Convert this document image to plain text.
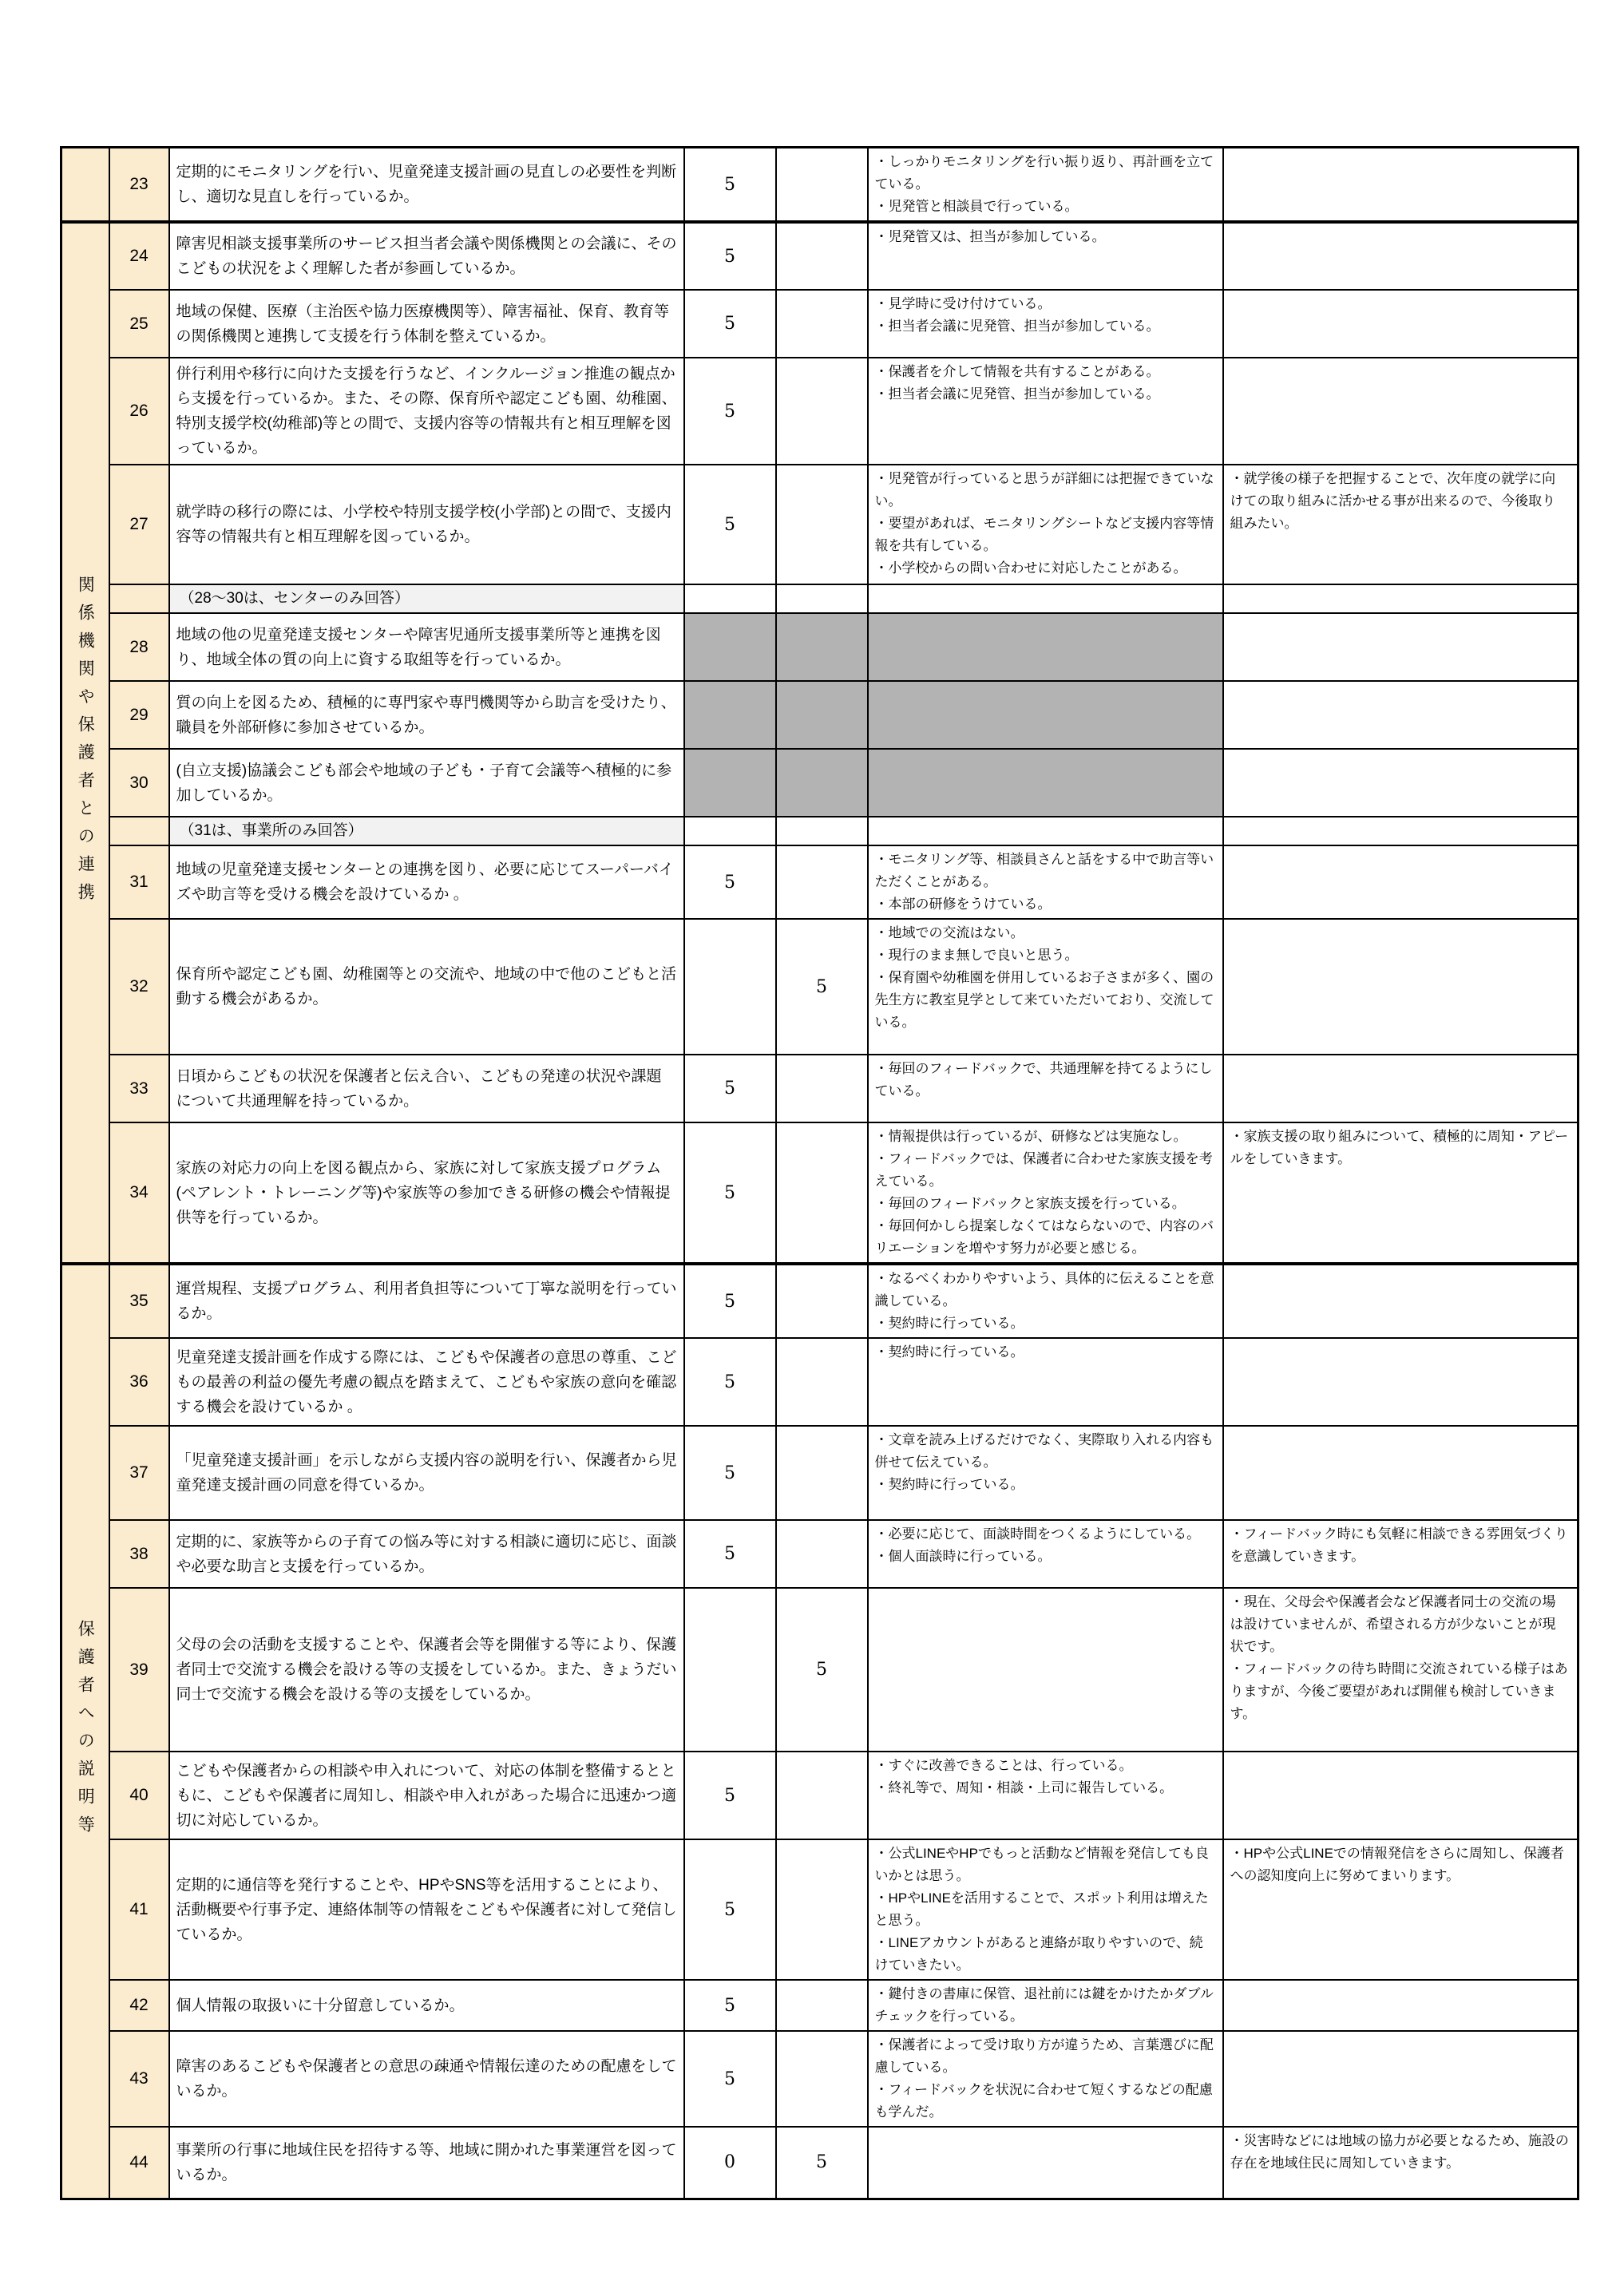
	23	定期的にモニタリングを行い、児童発達支援計画の見直しの必要性を判断し、適切な見直しを行っているか。	5		・しっかりモニタリングを行い振り返り、再計画を立てている。
・児発管と相談員で行っている。	

関係機関や保護者との連携	24	障害児相談支援事業所のサービス担当者会議や関係機関との会議に、そのこどもの状況をよく理解した者が参画しているか。	5		・児発管又は、担当が参加している。	

	25	地域の保健、医療（主治医や協力医療機関等）、障害福祉、保育、教育等の関係機関と連携して支援を行う体制を整えているか。	5		・見学時に受け付けている。
・担当者会議に児発管、担当が参加している。	

	26	併行利用や移行に向けた支援を行うなど、インクルージョン推進の観点から支援を行っているか。また、その際、保育所や認定こども園、幼稚園、特別支援学校(幼稚部)等との間で、支援内容等の情報共有と相互理解を図っているか。	5		・保護者を介して情報を共有することがある。
・担当者会議に児発管、担当が参加している。	

	27	就学時の移行の際には、小学校や特別支援学校(小学部)との間で、支援内容等の情報共有と相互理解を図っているか。	5		・児発管が行っていると思うが詳細には把握できていない。
・要望があれば、モニタリングシートなど支援内容等情報を共有している。
・小学校からの問い合わせに対応したことがある。	・就学後の様子を把握することで、次年度の就学に向けての取り組みに活かせる事が出来るので、今後取り組みたい。

		（28～30は、センターのみ回答）				
	28	地域の他の児童発達支援センターや障害児通所支援事業所等と連携を図り、地域全体の質の向上に資する取組等を行っているか。				
	29	質の向上を図るため、積極的に専門家や専門機関等から助言を受けたり、職員を外部研修に参加させているか。				
	30	(自立支援)協議会こども部会や地域の子ども・子育て会議等へ積極的に参加しているか。				
		（31は、事業所のみ回答）				
	31	地域の児童発達支援センターとの連携を図り、必要に応じてスーパーバイズや助言等を受ける機会を設けているか 。	5		・モニタリング等、相談員さんと話をする中で助言等いただくことがある。
・本部の研修をうけている。	

	32	保育所や認定こども園、幼稚園等との交流や、地域の中で他のこどもと活動する機会があるか。		5	・地域での交流はない。
・現行のまま無しで良いと思う。
・保育園や幼稚園を併用しているお子さまが多く、園の先生方に教室見学として来ていただいており、交流している。	

	33	日頃からこどもの状況を保護者と伝え合い、こどもの発達の状況や課題について共通理解を持っているか。	5		・毎回のフィードバックで、共通理解を持てるようにしている。	

	34	家族の対応力の向上を図る観点から、家族に対して家族支援プログラム(ペアレント・トレーニング等)や家族等の参加できる研修の機会や情報提供等を行っているか。	5		・情報提供は行っているが、研修などは実施なし。
・フィードバックでは、保護者に合わせた家族支援を考えている。
・毎回のフィードバックと家族支援を行っている。
・毎回何かしら提案しなくてはならないので、内容のバリエーションを増やす努力が必要と感じる。	・家族支援の取り組みについて、積極的に周知・アピールをしていきます。

保護者への説明等	35	運営規程、支援プログラム、利用者負担等について丁寧な説明を行っているか。	5		・なるべくわかりやすいよう、具体的に伝えることを意識している。
・契約時に行っている。	

	36	児童発達支援計画を作成する際には、こどもや保護者の意思の尊重、こどもの最善の利益の優先考慮の観点を踏まえて、こどもや家族の意向を確認する機会を設けているか 。	5		・契約時に行っている。	

	37	「児童発達支援計画」を示しながら支援内容の説明を行い、保護者から児童発達支援計画の同意を得ているか。	5		・文章を読み上げるだけでなく、実際取り入れる内容も併せて伝えている。
・契約時に行っている。	

	38	定期的に、家族等からの子育ての悩み等に対する相談に適切に応じ、面談や必要な助言と支援を行っているか。	5		・必要に応じて、面談時間をつくるようにしている。
・個人面談時に行っている。	・フィードバック時にも気軽に相談できる雰囲気づくりを意識していきます。

	39	父母の会の活動を支援することや、保護者会等を開催する等により、保護者同士で交流する機会を設ける等の支援をしているか。また、きょうだい同士で交流する機会を設ける等の支援をしているか。		5		・現在、父母会や保護者会など保護者同士の交流の場は設けていませんが、希望される方が少ないことが現状です。
・フィードバックの待ち時間に交流されている様子はありますが、今後ご要望があれば開催も検討していきます。

	40	こどもや保護者からの相談や申入れについて、対応の体制を整備するとともに、こどもや保護者に周知し、相談や申入れがあった場合に迅速かつ適切に対応しているか。	5		・すぐに改善できることは、行っている。
・終礼等で、周知・相談・上司に報告している。	

	41	定期的に通信等を発行することや、HPやSNS等を活用することにより、活動概要や行事予定、連絡体制等の情報をこどもや保護者に対して発信しているか。	5		・公式LINEやHPでもっと活動など情報を発信しても良いかとは思う。
・HPやLINEを活用することで、スポット利用は増えたと思う。
・LINEアカウントがあると連絡が取りやすいので、続けていきたい。	・HPや公式LINEでの情報発信をさらに周知し、保護者への認知度向上に努めてまいります。

	42	個人情報の取扱いに十分留意しているか。	5		・鍵付きの書庫に保管、退社前には鍵をかけたかダブルチェックを行っている。	

	43	障害のあるこどもや保護者との意思の疎通や情報伝達のための配慮をしているか。	5		・保護者によって受け取り方が違うため、言葉選びに配慮している。
・フィードバックを状況に合わせて短くするなどの配慮も学んだ。	

	44	事業所の行事に地域住民を招待する等、地域に開かれた事業運営を図っているか。	0	5		・災害時などには地域の協力が必要となるため、施設の存在を地域住民に周知していきます。
